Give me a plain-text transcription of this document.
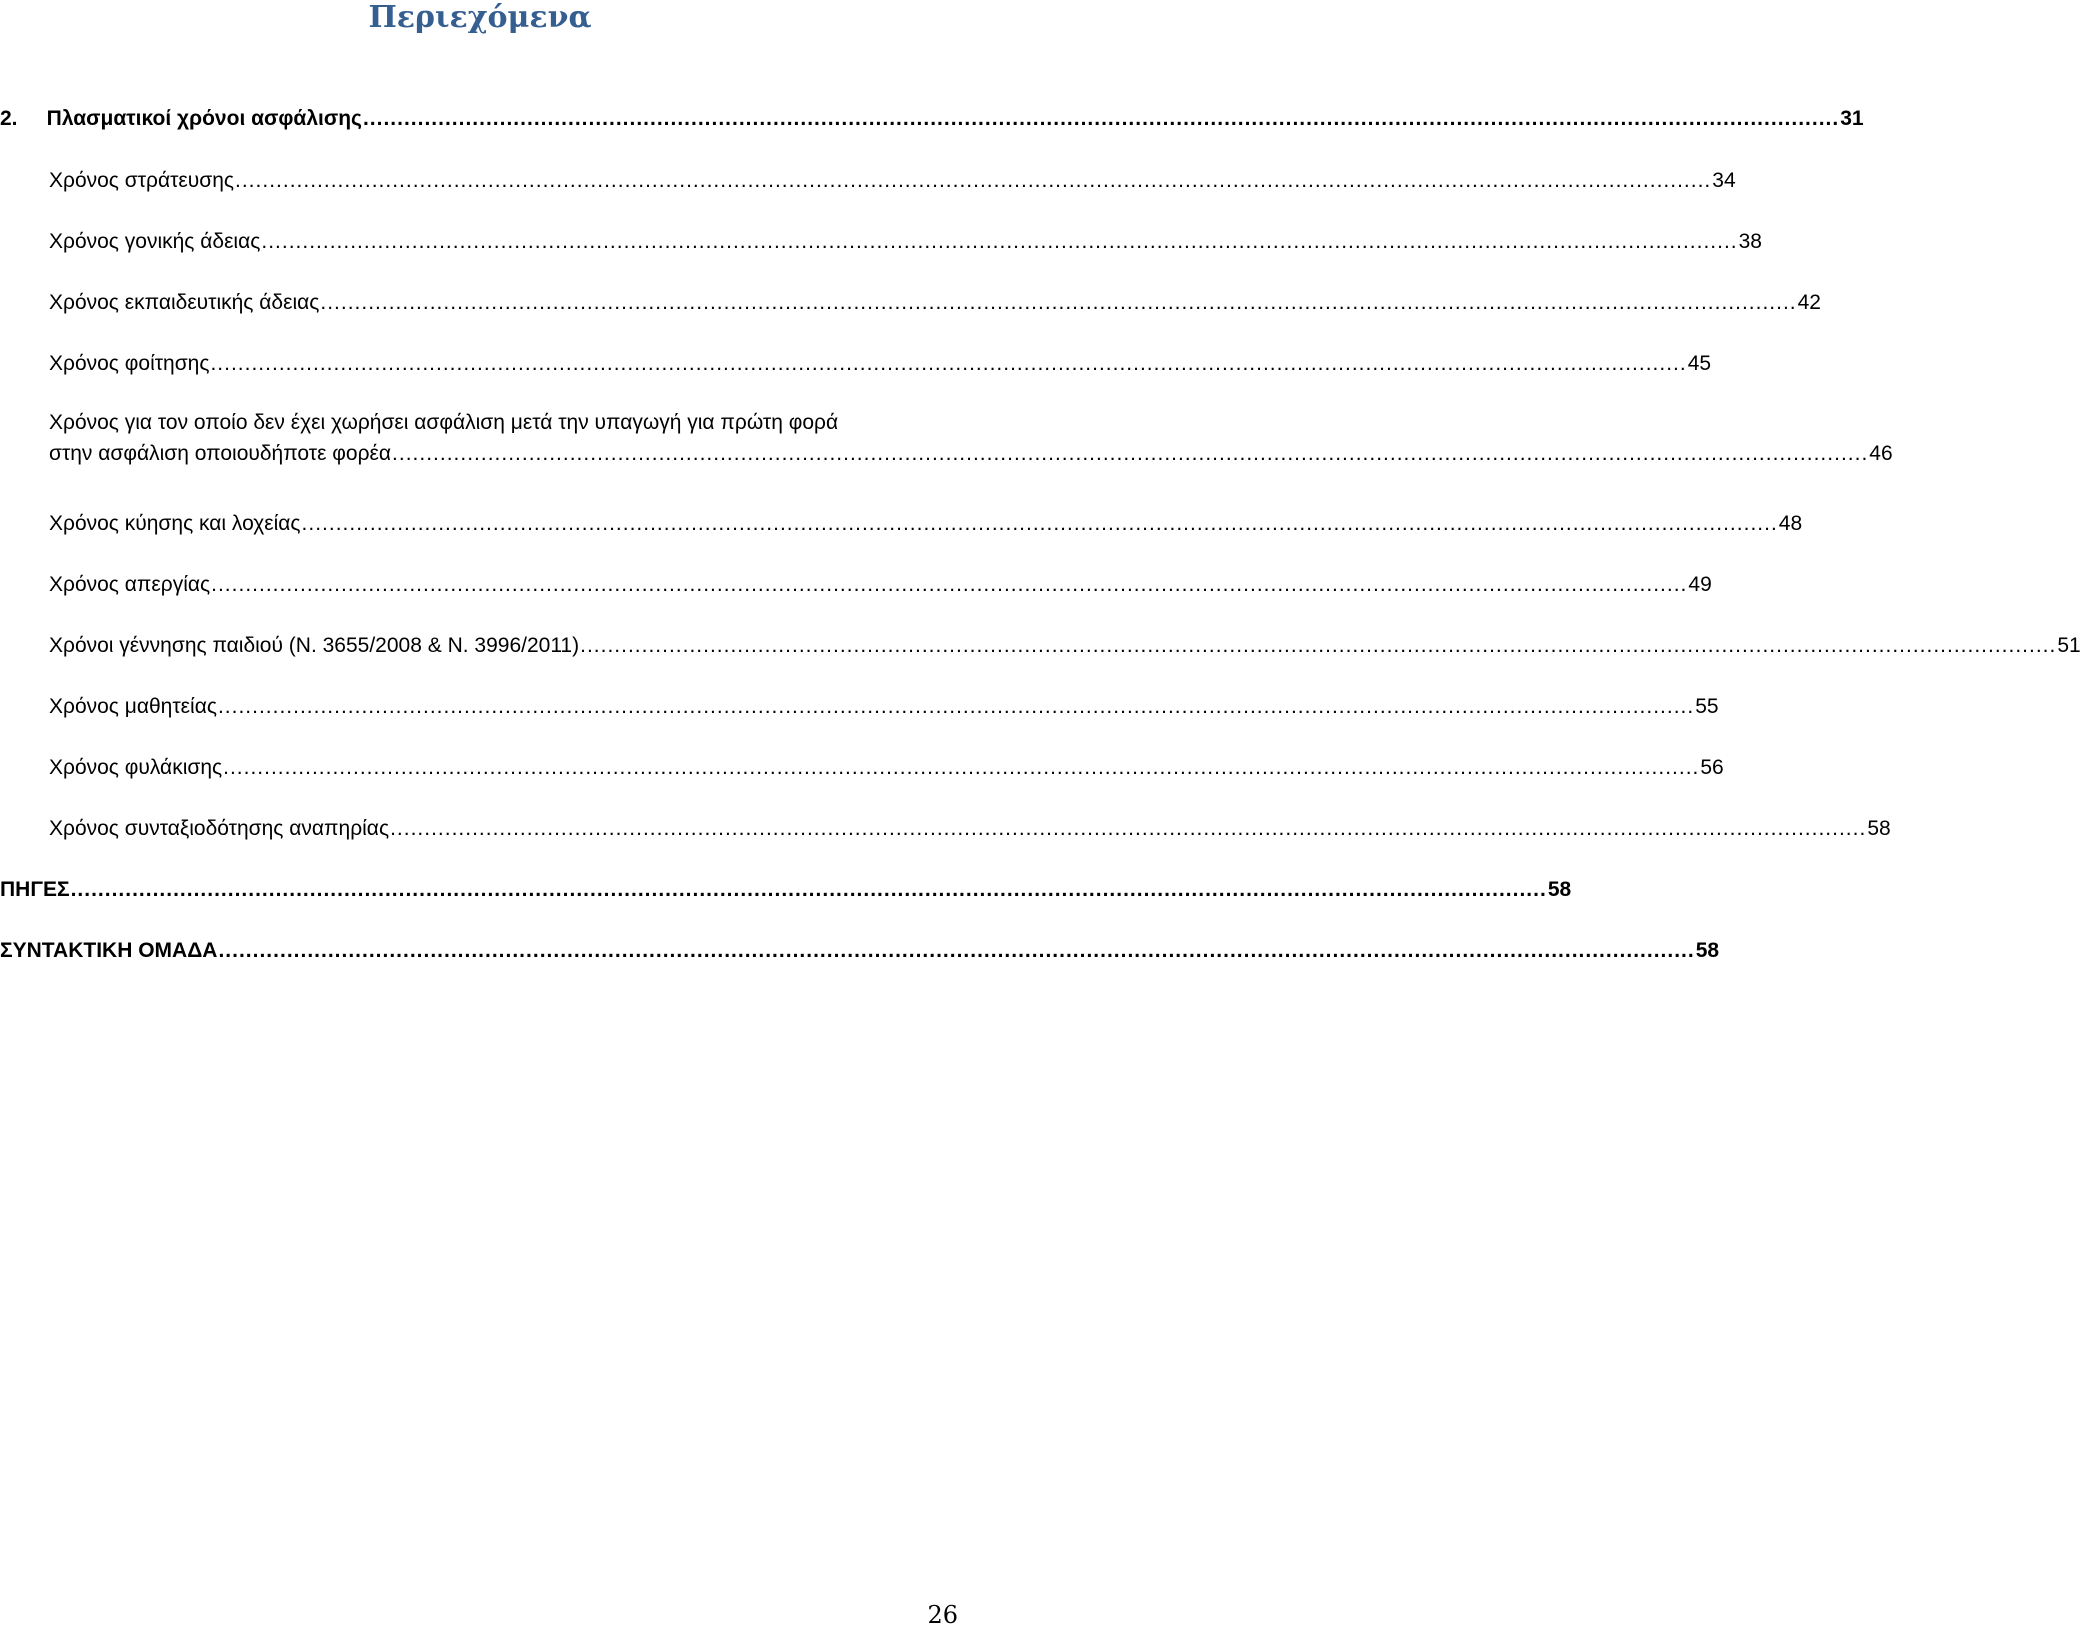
Περιεχόμενα
2.     Πλασματικοί χρόνοι ασφάλισης ........................................................................................................................................................................................................................ 31
Χρόνος στράτευσης ........................................................................................................................................................................................................................ 34
Χρόνος γονικής άδειας ........................................................................................................................................................................................................................ 38
Χρόνος εκπαιδευτικής άδειας ........................................................................................................................................................................................................................ 42
Χρόνος φοίτησης ........................................................................................................................................................................................................................ 45
Χρόνος για τον οποίο δεν έχει χωρήσει ασφάλιση μετά την υπαγωγή για πρώτη φορά
στην ασφάλιση οποιουδήποτε φορέα ........................................................................................................................................................................................................................ 46
Χρόνος κύησης και λοχείας ........................................................................................................................................................................................................................ 48
Χρόνος απεργίας ........................................................................................................................................................................................................................ 49
Χρόνοι γέννησης παιδιού (Ν. 3655/2008 & Ν. 3996/2011) ........................................................................................................................................................................................................................ 51
Χρόνος μαθητείας ........................................................................................................................................................................................................................ 55
Χρόνος φυλάκισης ........................................................................................................................................................................................................................ 56
Χρόνος συνταξιοδότησης αναπηρίας ........................................................................................................................................................................................................................ 58
ΠΗΓΕΣ ........................................................................................................................................................................................................................ 58
ΣΥΝΤΑΚΤΙΚΗ ΟΜΑΔΑ ........................................................................................................................................................................................................................ 58
26
